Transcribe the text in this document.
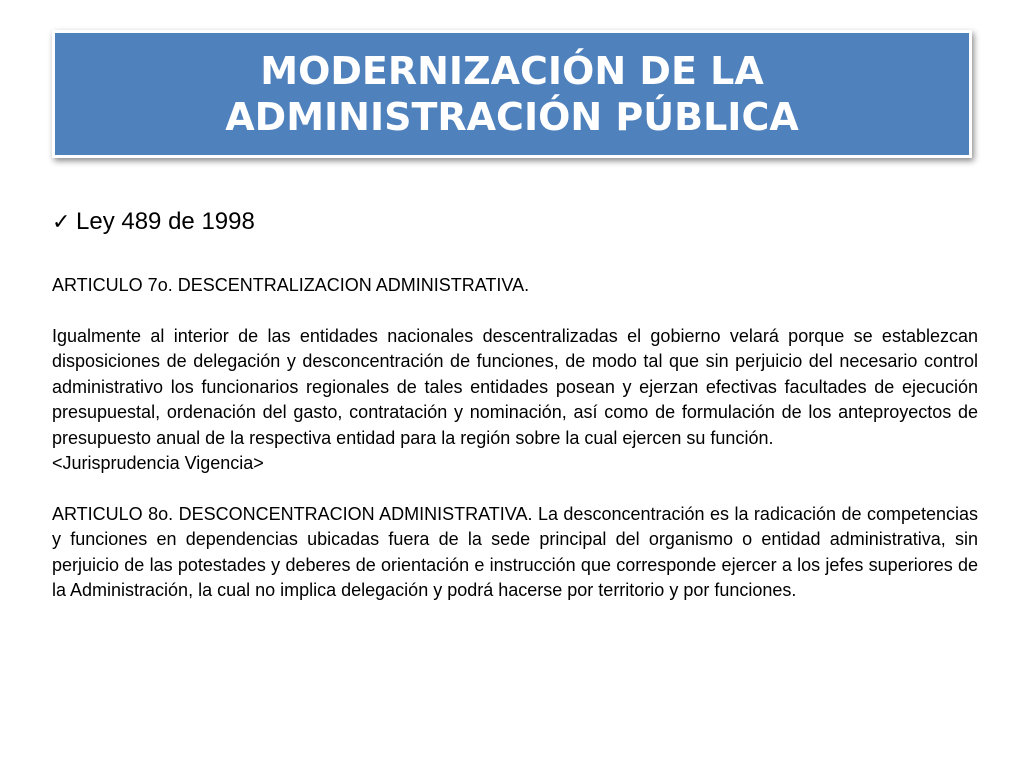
MODERNIZACIÓN DE LA
ADMINISTRACIÓN PÚBLICA
✓ Ley 489 de 1998

ARTICULO 7o. DESCENTRALIZACION ADMINISTRATIVA.

Igualmente al interior de las entidades nacionales descentralizadas el gobierno velará porque se establezcan disposiciones de delegación y desconcentración de funciones, de modo tal que sin perjuicio del necesario control administrativo los funcionarios regionales de tales entidades posean y ejerzan efectivas facultades de ejecución presupuestal, ordenación del gasto, contratación y nominación, así como de formulación de los anteproyectos de presupuesto anual de la respectiva entidad para la región sobre la cual ejercen su función.

<Jurisprudencia Vigencia>

ARTICULO 8o. DESCONCENTRACION ADMINISTRATIVA. La desconcentración es la radicación de competencias y funciones en dependencias ubicadas fuera de la sede principal del organismo o entidad administrativa, sin perjuicio de las potestades y deberes de orientación e instrucción que corresponde ejercer a los jefes superiores de la Administración, la cual no implica delegación y podrá hacerse por territorio y por funciones.
